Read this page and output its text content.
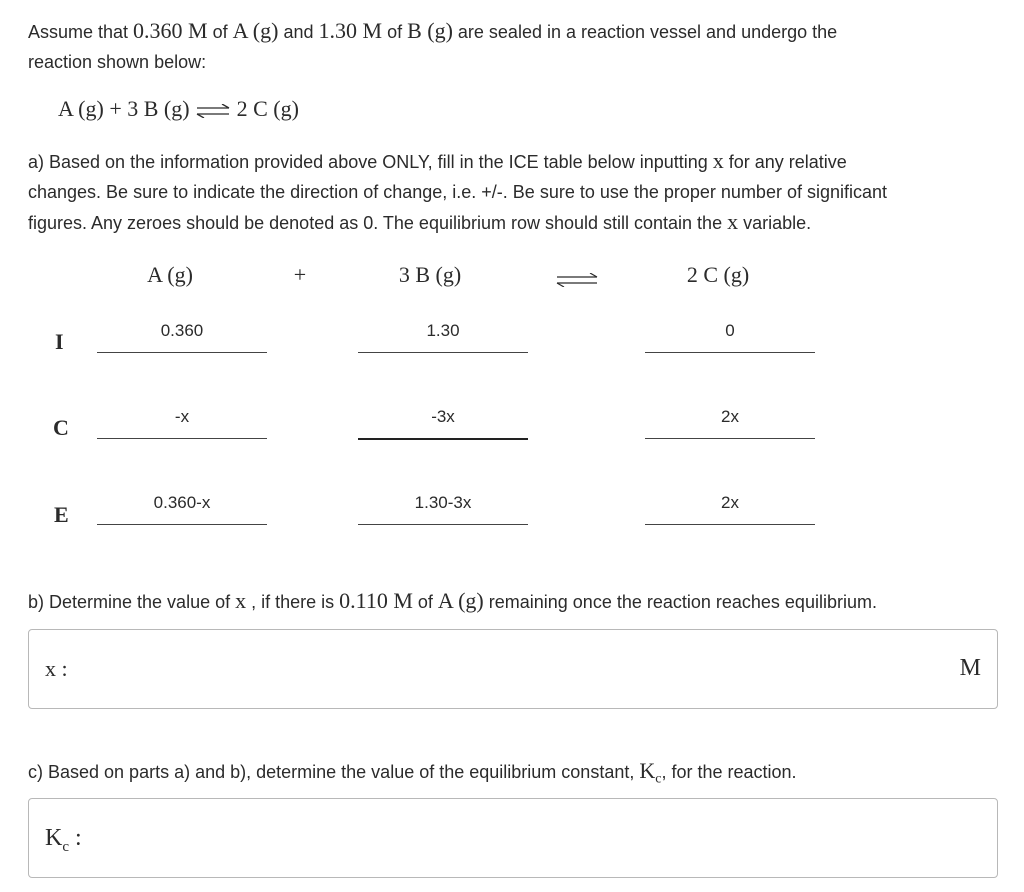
Assume that 0.360 M of A (g) and 1.30 M of B (g) are sealed in a reaction vessel and undergo the
reaction shown below:
A (g) + 3 B (g) ⇌ 2 C (g)
a) Based on the information provided above ONLY, fill in the ICE table below inputting x for any relative
changes. Be sure to indicate the direction of change, i.e. +/-. Be sure to use the proper number of significant
figures. Any zeroes should be denoted as 0. The equilibrium row should still contain the x variable.
A (g)	+	3 B (g)	2 C (g)
I	0.360	1.30	0
C	-x	-3x	2x
E	0.360-x	1.30-3x	2x
b) Determine the value of x , if there is 0.110 M of A (g) remaining once the reaction reaches equilibrium.
x :	M
c) Based on parts a) and b), determine the value of the equilibrium constant, $K_c$, for the reaction.
$K_c$ :
